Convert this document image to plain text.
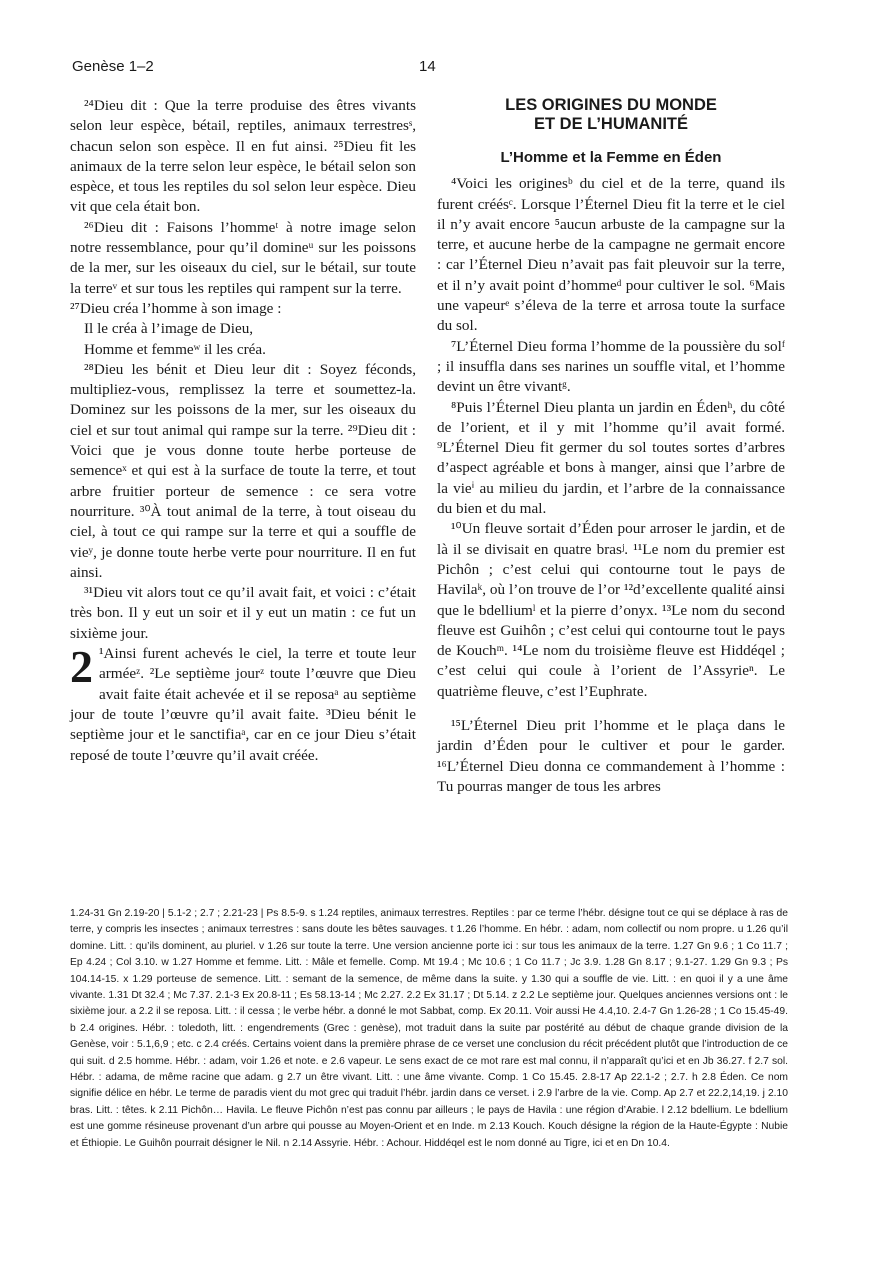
Genèse 1–2	14

²⁴Dieu dit : Que la terre produise des êtres vivants selon leur espèce, bétail, reptiles, animaux terrestresˢ, chacun selon son espèce. Il en fut ainsi. ²⁵Dieu fit les animaux de la terre selon leur espèce, le bétail selon son espèce, et tous les reptiles du sol selon leur espèce. Dieu vit que cela était bon.

²⁶Dieu dit : Faisons l’hommeᵗ à notre image selon notre ressemblance, pour qu’il domineᵘ sur les poissons de la mer, sur les oiseaux du ciel, sur le bétail, sur toute la terreᵛ et sur tous les reptiles qui rampent sur la terre.

²⁷Dieu créa l’homme à son image :

Il le créa à l’image de Dieu,

Homme et femmeʷ il les créa.

²⁸Dieu les bénit et Dieu leur dit : Soyez féconds, multipliez-vous, remplissez la terre et soumettez-la. Dominez sur les poissons de la mer, sur les oiseaux du ciel et sur tout animal qui rampe sur la terre. ²⁹Dieu dit : Voici que je vous donne toute herbe porteuse de semenceˣ et qui est à la surface de toute la terre, et tout arbre fruitier porteur de semence : ce sera votre nourriture. ³⁰À tout animal de la terre, à tout oiseau du ciel, à tout ce qui rampe sur la terre et qui a souffle de vieʸ, je donne toute herbe verte pour nourriture. Il en fut ainsi.

³¹Dieu vit alors tout ce qu’il avait fait, et voici : c’était très bon. Il y eut un soir et il y eut un matin : ce fut un sixième jour.

2 ¹Ainsi furent achevés le ciel, la terre et toute leur arméeᶻ. ²Le septième jourᶻ toute l’œuvre que Dieu avait faite était achevée et il se reposaᵃ au septième jour de toute l’œuvre qu’il avait faite. ³Dieu bénit le septième jour et le sanctifiaᵃ, car en ce jour Dieu s’était reposé de toute l’œuvre qu’il avait créée.

LES ORIGINES DU MONDE
ET DE L’HUMANITÉ
L’Homme et la Femme en Éden

⁴Voici les originesᵇ du ciel et de la terre, quand ils furent créésᶜ. Lorsque l’Éternel Dieu fit la terre et le ciel il n’y avait encore ⁵aucun arbuste de la campagne sur la terre, et aucune herbe de la campagne ne germait encore : car l’Éternel Dieu n’avait pas fait pleuvoir sur la terre, et il n’y avait point d’hommeᵈ pour cultiver le sol. ⁶Mais une vapeurᵉ s’éleva de la terre et arrosa toute la surface du sol.

⁷L’Éternel Dieu forma l’homme de la poussière du solᶠ ; il insuffla dans ses narines un souffle vital, et l’homme devint un être vivantᵍ.

⁸Puis l’Éternel Dieu planta un jardin en Édenʰ, du côté de l’orient, et il y mit l’homme qu’il avait formé. ⁹L’Éternel Dieu fit germer du sol toutes sortes d’arbres d’aspect agréable et bons à manger, ainsi que l’arbre de la vieⁱ au milieu du jardin, et l’arbre de la connaissance du bien et du mal.

¹⁰Un fleuve sortait d’Éden pour arroser le jardin, et de là il se divisait en quatre brasʲ. ¹¹Le nom du premier est Pichôn ; c’est celui qui contourne tout le pays de Havilaᵏ, où l’on trouve de l’or ¹²d’excellente qualité ainsi que le bdelliumˡ et la pierre d’onyx. ¹³Le nom du second fleuve est Guihôn ; c’est celui qui contourne tout le pays de Kouchᵐ. ¹⁴Le nom du troisième fleuve est Hiddéqel ; c’est celui qui coule à l’orient de l’Assyrieⁿ. Le quatrième fleuve, c’est l’Euphrate.

¹⁵L’Éternel Dieu prit l’homme et le plaça dans le jardin d’Éden pour le cultiver et pour le garder. ¹⁶L’Éternel Dieu donna ce commandement à l’homme : Tu pourras manger de tous les arbres

1.24-31 Gn 2.19-20 | 5.1-2 ; 2.7 ; 2.21-23 | Ps 8.5-9. s 1.24 reptiles, animaux terrestres. Reptiles : par ce terme l’hébr. désigne tout ce qui se déplace à ras de terre, y compris les insectes ; animaux terrestres : sans doute les bêtes sauvages. t 1.26 l’homme. En hébr. : adam, nom collectif ou nom propre. u 1.26 qu’il domine. Litt. : qu’ils dominent, au pluriel. v 1.26 sur toute la terre. Une version ancienne porte ici : sur tous les animaux de la terre. 1.27 Gn 9.6 ; 1 Co 11.7 ; Ep 4.24 ; Col 3.10. w 1.27 Homme et femme. Litt. : Mâle et femelle. Comp. Mt 19.4 ; Mc 10.6 ; 1 Co 11.7 ; Jc 3.9. 1.28 Gn 8.17 ; 9.1-27. 1.29 Gn 9.3 ; Ps 104.14-15. x 1.29 porteuse de semence. Litt. : semant de la semence, de même dans la suite. y 1.30 qui a souffle de vie. Litt. : en quoi il y a une âme vivante. 1.31 Dt 32.4 ; Mc 7.37. 2.1-3 Ex 20.8-11 ; Es 58.13-14 ; Mc 2.27. 2.2 Ex 31.17 ; Dt 5.14. z 2.2 Le septième jour. Quelques anciennes versions ont : le sixième jour. a 2.2 il se reposa. Litt. : il cessa ; le verbe hébr. a donné le mot Sabbat, comp. Ex 20.11. Voir aussi He 4.4,10. 2.4-7 Gn 1.26-28 ; 1 Co 15.45-49. b 2.4 origines. Hébr. : toledoth, litt. : engendrements (Grec : genèse), mot traduit dans la suite par postérité au début de chaque grande division de la Genèse, voir : 5.1,6,9 ; etc. c 2.4 créés. Certains voient dans la première phrase de ce verset une conclusion du récit précédent plutôt que l’introduction de ce qui suit. d 2.5 homme. Hébr. : adam, voir 1.26 et note. e 2.6 vapeur. Le sens exact de ce mot rare est mal connu, il n’apparaît qu’ici et en Jb 36.27. f 2.7 sol. Hébr. : adama, de même racine que adam. g 2.7 un être vivant. Litt. : une âme vivante. Comp. 1 Co 15.45. 2.8-17 Ap 22.1-2 ; 2.7. h 2.8 Éden. Ce nom signifie délice en hébr. Le terme de paradis vient du mot grec qui traduit l’hébr. jardin dans ce verset. i 2.9 l’arbre de la vie. Comp. Ap 2.7 et 22.2,14,19. j 2.10 bras. Litt. : têtes. k 2.11 Pichôn… Havila. Le fleuve Pichôn n’est pas connu par ailleurs ; le pays de Havila : une région d’Arabie. l 2.12 bdellium. Le bdellium est une gomme résineuse provenant d’un arbre qui pousse au Moyen-Orient et en Inde. m 2.13 Kouch. Kouch désigne la région de la Haute-Égypte : Nubie et Éthiopie. Le Guihôn pourrait désigner le Nil. n 2.14 Assyrie. Hébr. : Achour. Hiddéqel est le nom donné au Tigre, ici et en Dn 10.4.
